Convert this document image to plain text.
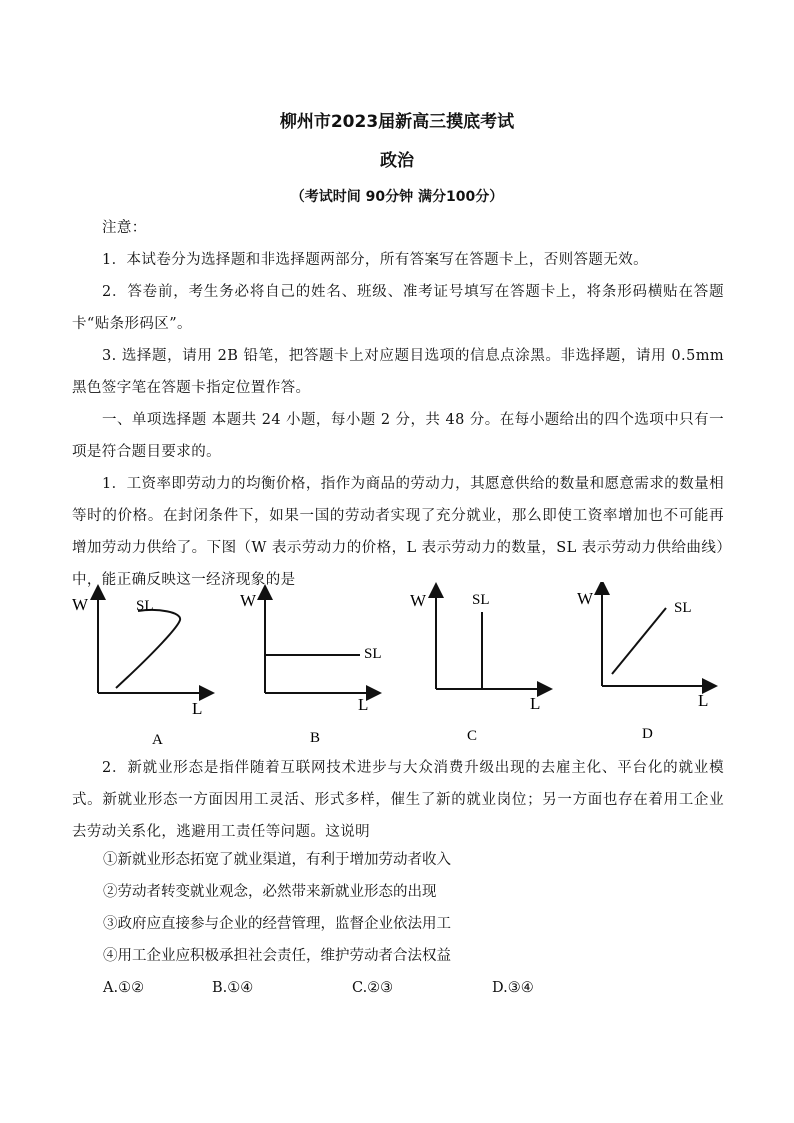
柳州市2023届新高三摸底考试
政治
（考试时间 90分钟 满分100分）
注意：
1．本试卷分为选择题和非选择题两部分，所有答案写在答题卡上，否则答题无效。
2．答卷前，考生务必将自己的姓名、班级、准考证号填写在答题卡上，将条形码横贴在答题卡“贴条形码区”。
3. 选择题，请用 2B 铅笔，把答题卡上对应题目选项的信息点涂黑。非选择题，请用 0.5mm 黑色签字笔在答题卡指定位置作答。
一、单项选择题 本题共 24 小题，每小题 2 分，共 48 分。在每小题给出的四个选项中只有一项是符合题目要求的。
1．工资率即劳动力的均衡价格，指作为商品的劳动力，其愿意供给的数量和愿意需求的数量相等时的价格。在封闭条件下，如果一国的劳动者实现了充分就业，那么即使工资率增加也不可能再增加劳动力供给了。下图（W 表示劳动力的价格，L 表示劳动力的数量，SL 表示劳动力供给曲线）中，能正确反映这一经济现象的是
W	SL
L
A
W
SL
L
B
W	SL
L
C
W	SL
L
D
2．新就业形态是指伴随着互联网技术进步与大众消费升级出现的去雇主化、平台化的就业模式。新就业形态一方面因用工灵活、形式多样，催生了新的就业岗位；另一方面也存在着用工企业去劳动关系化，逃避用工责任等问题。这说明
①新就业形态拓宽了就业渠道，有利于增加劳动者收入
②劳动者转变就业观念，必然带来新就业形态的出现
③政府应直接参与企业的经营管理，监督企业依法用工
④用工企业应积极承担社会责任，维护劳动者合法权益
A.①②	B.①④	C.②③	D.③④
